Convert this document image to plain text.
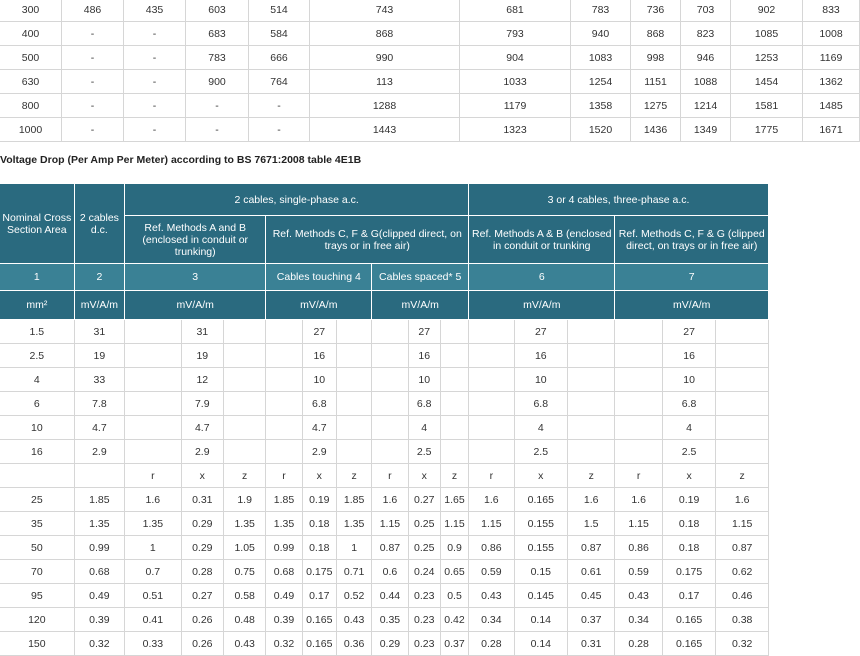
300	486	435	603	514	743	681	783	736	703	902	833
400	-	-	683	584	868	793	940	868	823	1085	1008
500	-	-	783	666	990	904	1083	998	946	1253	1169
630	-	-	900	764	113	1033	1254	1151	1088	1454	1362
800	-	-	-	-	1288	1179	1358	1275	1214	1581	1485
1000	-	-	-	-	1443	1323	1520	1436	1349	1775	1671
Voltage Drop (Per Amp Per Meter) according to BS 7671:2008 table 4E1B
Nominal Cross Section Area	2 cables d.c.	2 cables, single-phase a.c.									3 or 4 cables, three-phase a.c.					
		Ref. Methods A and B (enclosed in conduit or trunking)			Ref. Methods C, F & G(clipped direct, on trays or in free air)						Ref. Methods A & B (enclosed in conduit or trunking			Ref. Methods C, F & G (clipped direct, on trays or in free air)		
1	2	3			Cables touching 4			Cables spaced* 5			6			7		
mm²	mV/A/m	mV/A/m			mV/A/m			mV/A/m			mV/A/m			mV/A/m		
1.5	31		31			27			27			27			27	
2.5	19		19			16			16			16			16	
4	33		12			10			10			10			10	
6	7.8		7.9			6.8			6.8			6.8			6.8	
10	4.7		4.7			4.7			4			4			4	
16	2.9		2.9			2.9			2.5			2.5			2.5	
		r	x	z	r	x	z	r	x	z	r	x	z	r	x	z
25	1.85	1.6	0.31	1.9	1.85	0.19	1.85	1.6	0.27	1.65	1.6	0.165	1.6	1.6	0.19	1.6
35	1.35	1.35	0.29	1.35	1.35	0.18	1.35	1.15	0.25	1.15	1.15	0.155	1.5	1.15	0.18	1.15
50	0.99	1	0.29	1.05	0.99	0.18	1	0.87	0.25	0.9	0.86	0.155	0.87	0.86	0.18	0.87
70	0.68	0.7	0.28	0.75	0.68	0.175	0.71	0.6	0.24	0.65	0.59	0.15	0.61	0.59	0.175	0.62
95	0.49	0.51	0.27	0.58	0.49	0.17	0.52	0.44	0.23	0.5	0.43	0.145	0.45	0.43	0.17	0.46
120	0.39	0.41	0.26	0.48	0.39	0.165	0.43	0.35	0.23	0.42	0.34	0.14	0.37	0.34	0.165	0.38
150	0.32	0.33	0.26	0.43	0.32	0.165	0.36	0.29	0.23	0.37	0.28	0.14	0.31	0.28	0.165	0.32
